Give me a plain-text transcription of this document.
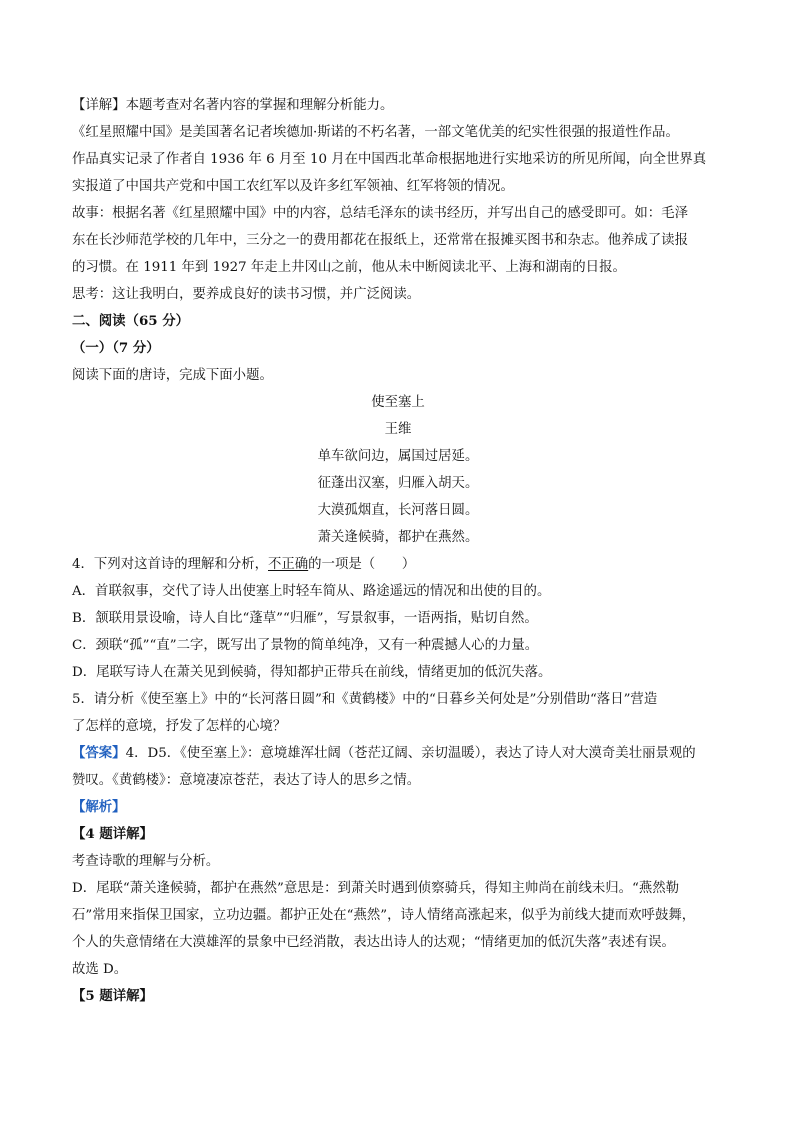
【详解】本题考查对名著内容的掌握和理解分析能力。
《红星照耀中国》是美国著名记者埃德加·斯诺的不朽名著，一部文笔优美的纪实性很强的报道性作品。
作品真实记录了作者自 1936 年 6 月至 10 月在中国西北革命根据地进行实地采访的所见所闻，向全世界真
实报道了中国共产党和中国工农红军以及许多红军领袖、红军将领的情况。
故事：根据名著《红星照耀中国》中的内容，总结毛泽东的读书经历，并写出自己的感受即可。如：毛泽
东在长沙师范学校的几年中，三分之一的费用都花在报纸上，还常常在报摊买图书和杂志。他养成了读报
的习惯。在 1911 年到 1927 年走上井冈山之前，他从未中断阅读北平、上海和湖南的日报。
思考：这让我明白，要养成良好的读书习惯，并广泛阅读。
二、阅读（65 分）
（一）（7 分）
阅读下面的唐诗，完成下面小题。
使至塞上
王维
单车欲问边，属国过居延。
征蓬出汉塞，归雁入胡天。
大漠孤烟直，长河落日圆。
萧关逢候骑，都护在燕然。
4．下列对这首诗的理解和分析，不正确的一项是（　　）
A．首联叙事，交代了诗人出使塞上时轻车简从、路途遥远的情况和出使的目的。
B．颔联用景设喻，诗人自比“蓬草”“归雁”，写景叙事，一语两指，贴切自然。
C．颈联“孤”“直”二字，既写出了景物的简单纯净，又有一种震撼人心的力量。
D．尾联写诗人在萧关见到候骑，得知都护正带兵在前线，情绪更加的低沉失落。
5．请分析《使至塞上》中的“长河落日圆”和《黄鹤楼》中的“日暮乡关何处是”分别借助“落日”营造
了怎样的意境，抒发了怎样的心境？
【答案】4．D5．《使至塞上》：意境雄浑壮阔（苍茫辽阔、亲切温暖），表达了诗人对大漠奇美壮丽景观的
赞叹。《黄鹤楼》：意境凄凉苍茫，表达了诗人的思乡之情。
【解析】
【4 题详解】
考查诗歌的理解与分析。
D．尾联“萧关逢候骑，都护在燕然”意思是：到萧关时遇到侦察骑兵，得知主帅尚在前线未归。“燕然勒
石”常用来指保卫国家，立功边疆。都护正处在“燕然”，诗人情绪高涨起来，似乎为前线大捷而欢呼鼓舞，
个人的失意情绪在大漠雄浑的景象中已经消散，表达出诗人的达观；“情绪更加的低沉失落”表述有误。
故选 D。
【5 题详解】
